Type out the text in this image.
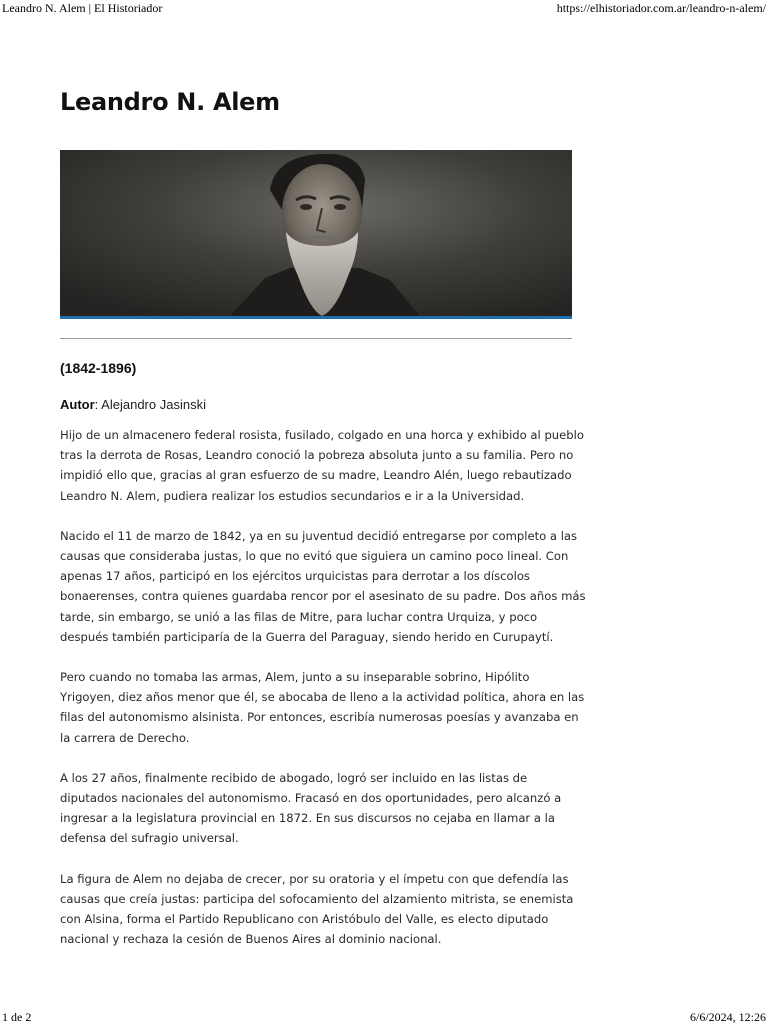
Leandro N. Alem | El Historiador	https://elhistoriador.com.ar/leandro-n-alem/
Leandro N. Alem
(1842-1896)
Autor: Alejandro Jasinski

Hijo de un almacenero federal rosista, fusilado, colgado en una horca y exhibido al pueblo
tras la derrota de Rosas, Leandro conoció la pobreza absoluta junto a su familia. Pero no
impidió ello que, gracias al gran esfuerzo de su madre, Leandro Alén, luego rebautizado
Leandro N. Alem, pudiera realizar los estudios secundarios e ir a la Universidad.

Nacido el 11 de marzo de 1842, ya en su juventud decidió entregarse por completo a las
causas que consideraba justas, lo que no evitó que siguiera un camino poco lineal. Con
apenas 17 años, participó en los ejércitos urquicistas para derrotar a los díscolos
bonaerenses, contra quienes guardaba rencor por el asesinato de su padre. Dos años más
tarde, sin embargo, se unió a las filas de Mitre, para luchar contra Urquiza, y poco
después también participaría de la Guerra del Paraguay, siendo herido en Curupaytí.

Pero cuando no tomaba las armas, Alem, junto a su inseparable sobrino, Hipólito
Yrigoyen, diez años menor que él, se abocaba de lleno a la actividad política, ahora en las
filas del autonomismo alsinista. Por entonces, escribía numerosas poesías y avanzaba en
la carrera de Derecho.

A los 27 años, finalmente recibido de abogado, logró ser incluido en las listas de
diputados nacionales del autonomismo. Fracasó en dos oportunidades, pero alcanzó a
ingresar a la legislatura provincial en 1872. En sus discursos no cejaba en llamar a la
defensa del sufragio universal.

La figura de Alem no dejaba de crecer, por su oratoria y el ímpetu con que defendía las
causas que creía justas: participa del sofocamiento del alzamiento mitrista, se enemista
con Alsina, forma el Partido Republicano con Aristóbulo del Valle, es electo diputado
nacional y rechaza la cesión de Buenos Aires al dominio nacional.

1 de 2	6/6/2024, 12:26
